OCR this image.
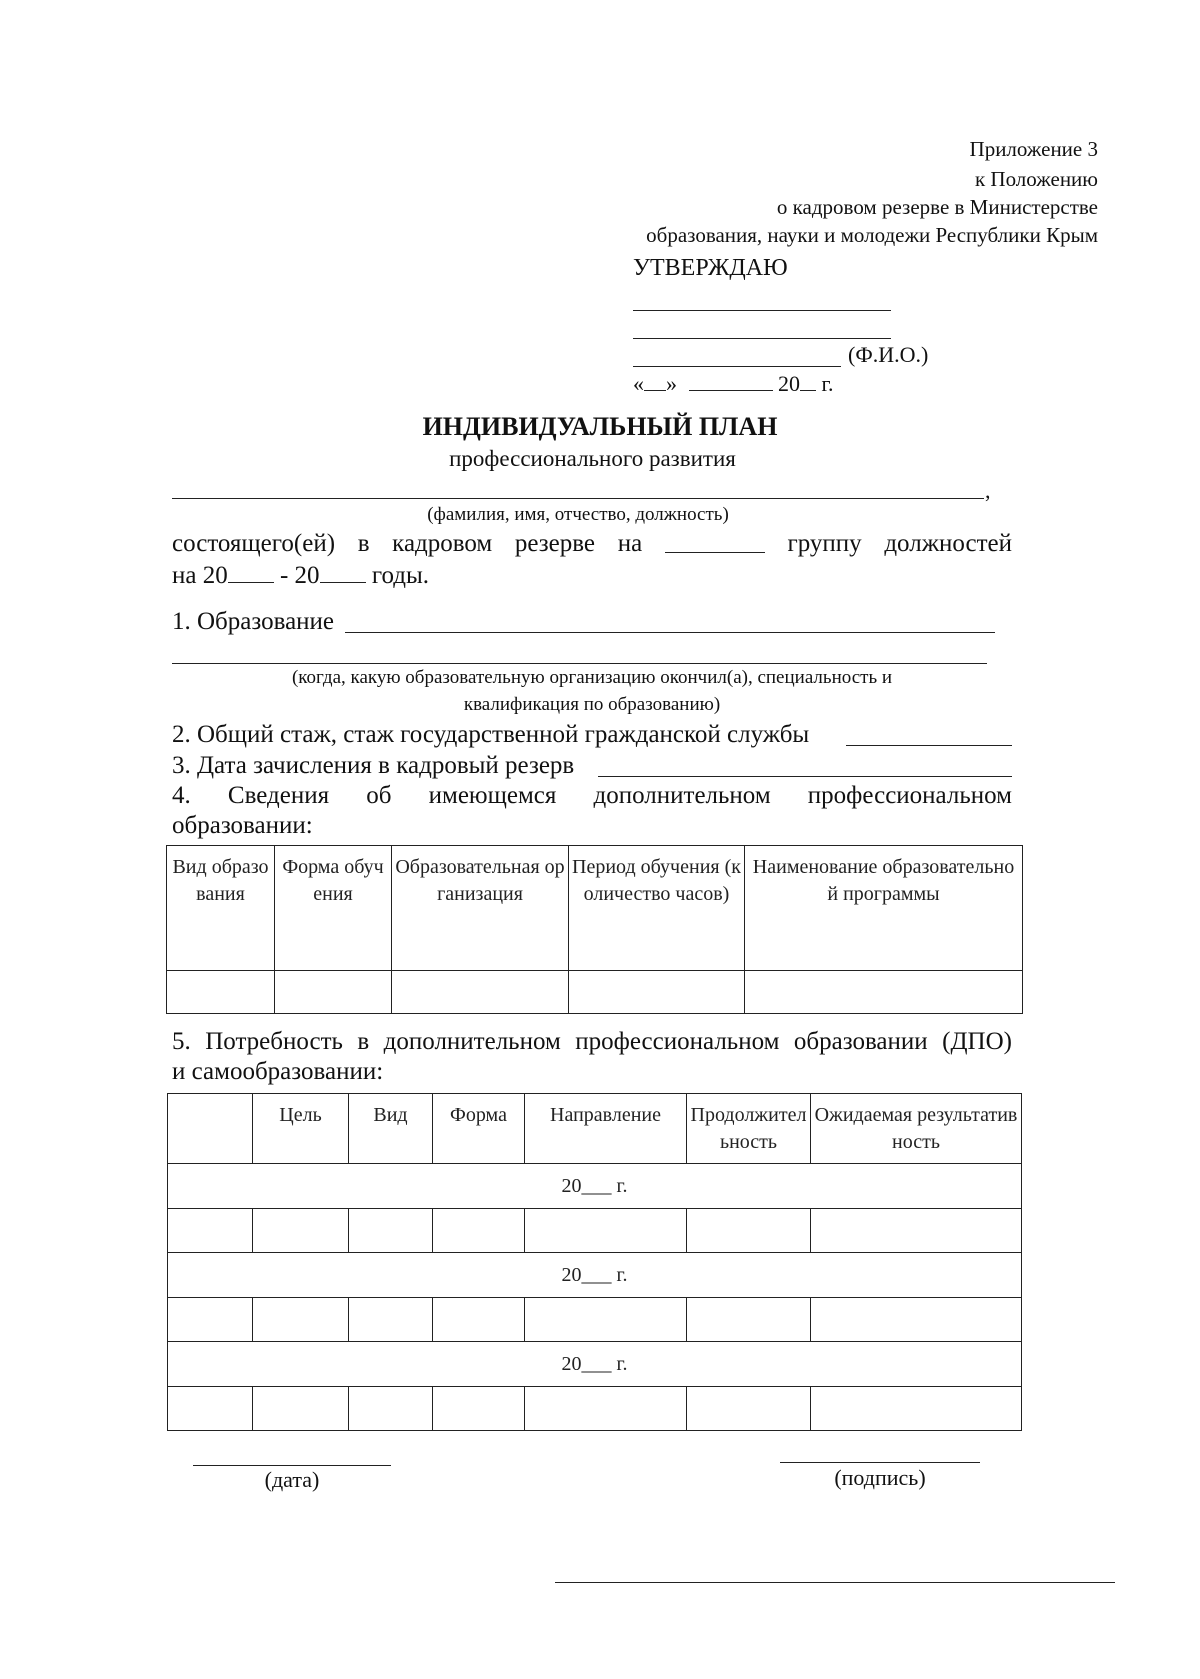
Приложение 3
к Положению
о кадровом резерве в Министерстве
образования, науки и молодежи Республики Крым
УТВЕРЖДАЮ
(Ф.И.О.)
« »	20 г.
ИНДИВИДУАЛЬНЫЙ ПЛАН
профессионального развития
,
(фамилия, имя, отчество, должность)
состоящего(ей) в кадровом резерве на	группу должностей
на 20 - 20 годы.
1. Образование
(когда, какую образовательную организацию окончил(а), специальность и
квалификация по образованию)
2. Общий стаж, стаж государственной гражданской службы
3. Дата зачисления в кадровый резерв
4. Сведения об имеющемся дополнительном профессиональном
образовании:
Вид образования	Форма обучения	Образовательная организация	Период обучения (количество часов)	Наименование образовательной программы

5. Потребность в дополнительном профессиональном образовании (ДПО)
и самообразовании:
	Цель	Вид	Форма	Направление	Продолжительность	Ожидаемая результативность
20___ г.						

20___ г.						

20___ г.						

(дата)	(подпись)
